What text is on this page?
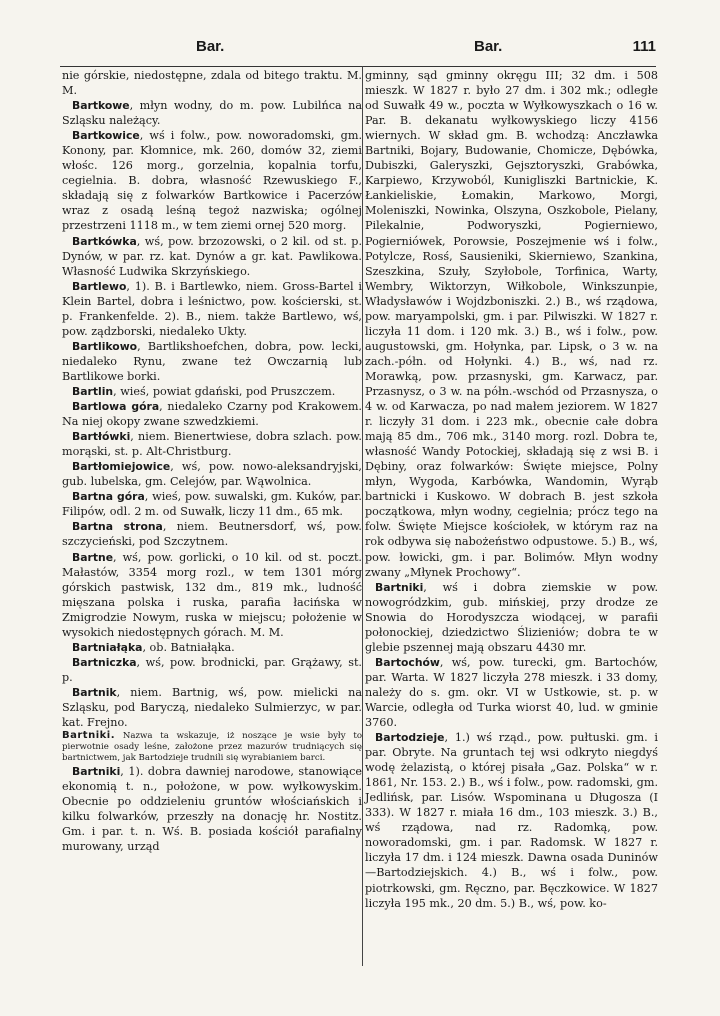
Bar.	Bar.	111

nie górskie, niedostępne, zdala od bitego traktu. M. M.

Bartkowe, młyn wodny, do m. pow. Lubilńca na Szląsku należący.

Bartkowice, wś i folw., pow. noworadomski, gm. Konony, par. Kłomnice, mk. 260, domów 32, ziemi włośc. 126 morg., gorzelnia, kopalnia torfu, cegielnia. B. dobra, własność Rzewuskiego F., składają się z folwarków Bartkowice i Pacerzów wraz z osadą leśną tegoż nazwiska; ogólnej przestrzeni 1118 m., w tem ziemi ornej 520 morg.

Bartkówka, wś, pow. brzozowski, o 2 kil. od st. p. Dynów, w par. rz. kat. Dynów a gr. kat. Pawlikowa. Własność Ludwika Skrzyńskiego.

Bartlewo, 1). B. i Bartlewko, niem. Gross-Bartel i Klein Bartel, dobra i leśnictwo, pow. kościerski, st. p. Frankenfelde. 2). B., niem. także Bartlewo, wś, pow. ządzborski, niedaleko Ukty.

Bartlikowo, Bartlikshoefchen, dobra, pow. lecki, niedaleko Rynu, zwane też Owczarnią lub Bartlikowe borki.

Bartlin, wieś, powiat gdański, pod Pruszczem.

Bartlowa góra, niedaleko Czarny pod Krakowem. Na niej okopy zwane szwedzkiemi.

Bartłówki, niem. Bienertwiese, dobra szlach. pow. morąski, st. p. Alt-Christburg.

Bartłomiejowice, wś, pow. nowo-aleksandryjski, gub. lubelska, gm. Celejów, par. Wąwolnica.

Bartna góra, wieś, pow. suwalski, gm. Kuków, par. Filipów, odl. 2 m. od Suwałk, liczy 11 dm., 65 mk.

Bartna strona, niem. Beutnersdorf, wś, pow. szczycieński, pod Szczytnem.

Bartne, wś, pow. gorlicki, o 10 kil. od st. poczt. Małastów, 3354 morg rozl., w tem 1301 mórg górskich pastwisk, 132 dm., 819 mk., ludność mięszana polska i ruska, parafia łacińska w Zmigrodzie Nowym, ruska w miejscu; położenie w wysokich niedostępnych górach. M. M.

Bartniałąka, ob. Batniałąka.

Bartniczka, wś, pow. brodnicki, par. Grążawy, st. p.

Bartnik, niem. Bartnig, wś, pow. mielicki na Szląsku, pod Baryczą, niedaleko Sulmierzyc, w par. kat. Frejno.

Bartniki. Nazwa ta wskazuje, iż noszące je wsie były to pierwotnie osady leśne, założone przez mazurów trudniących się bartnictwem, jak Bartodzieje trudnili się wyrabianiem barci.

Bartniki, 1). dobra dawniej narodowe, stanowiące ekonomią t. n., położone, w pow. wyłkowyskim. Obecnie po oddzieleniu gruntów włościańskich i kilku folwarków, przeszły na donację hr. Nostitz. Gm. i par. t. n. Wś. B. posiada kościół parafialny murowany, urząd

gminny, sąd gminny okręgu III; 32 dm. i 508 mieszk. W 1827 r. było 27 dm. i 302 mk.; odległe od Suwałk 49 w., poczta w Wyłkowyszkach o 16 w. Par. B. dekanatu wyłkowyskiego liczy 4156 wiernych. W skład gm. B. wchodzą: Anczławka Bartniki, Bojary, Budowanie, Chomicze, Dębówka, Dubiszki, Galeryszki, Gejsztoryszki, Grabówka, Karpiewo, Krzywoból, Kunigliszki Bartnickie, K. Łankieliskie, Łomakin, Markowo, Morgi, Moleniszki, Nowinka, Olszyna, Oszkobole, Pielany, Pilekalnie, Podworyszki, Pogierniewo, Pogierniówek, Porowsie, Poszejmenie wś i folw., Potylcze, Rosś, Sausieniki, Skierniewo, Szankina, Szeszkina, Szuły, Szyłobole, Torfinica, Warty, Wembry, Wiktorzyn, Wiłkobole, Winkszunpie, Władysławów i Wojdzboniszki. 2.) B., wś rządowa, pow. maryampolski, gm. i par. Pilwiszki. W 1827 r. liczyła 11 dom. i 120 mk. 3.) B., wś i folw., pow. augustowski, gm. Hołynka, par. Lipsk, o 3 w. na zach.-półn. od Hołynki. 4.) B., wś, nad rz. Morawką, pow. przasnyski, gm. Karwacz, par. Przasnysz, o 3 w. na półn.-wschód od Przasnysza, o 4 w. od Karwacza, po nad małem jeziorem. W 1827 r. liczyły 31 dom. i 223 mk., obecnie całe dobra mają 85 dm., 706 mk., 3140 morg. rozl. Dobra te, własność Wandy Potockiej, składają się z wsi B. i Dębiny, oraz folwarków: Święte miejsce, Polny młyn, Wygoda, Karbówka, Wandomin, Wyrąb bartnicki i Kuskowo. W dobrach B. jest szkoła początkowa, młyn wodny, cegielnia; prócz tego na folw. Święte Miejsce kościołek, w którym raz na rok odbywa się nabożeństwo odpustowe. 5.) B., wś, pow. łowicki, gm. i par. Bolimów. Młyn wodny zwany „Młynek Prochowy“.

Bartniki, wś i dobra ziemskie w pow. nowogródzkim, gub. mińskiej, przy drodze ze Snowia do Horodyszcza wiodącej, w parafii połonockiej, dziedzictwo Ślizieniów; dobra te w glebie pszennej mają obszaru 4430 mr.

Bartochów, wś, pow. turecki, gm. Bartochów, par. Warta. W 1827 liczyła 278 mieszk. i 33 domy, należy do s. gm. okr. VI w Ustkowie, st. p. w Warcie, odległa od Turka wiorst 40, lud. w gminie 3760.

Bartodzieje, 1.) wś rząd., pow. pułtuski. gm. i par. Obryte. Na gruntach tej wsi odkryto niegdyś wodę żelazistą, o której pisała „Gaz. Polska“ w r. 1861, Nr. 153. 2.) B., wś i folw., pow. radomski, gm. Jedlińsk, par. Lisów. Wspominana u Długosza (I 333). W 1827 r. miała 16 dm., 103 mieszk. 3.) B., wś rządowa, nad rz. Radomką, pow. noworadomski, gm. i par. Radomsk. W 1827 r. liczyła 17 dm. i 124 mieszk. Dawna osada Duninów—Bartodziejskich. 4.) B., wś i folw., pow. piotrkowski, gm. Ręczno, par. Bęczkowice. W 1827 liczyła 195 mk., 20 dm. 5.) B., wś, pow. ko-
